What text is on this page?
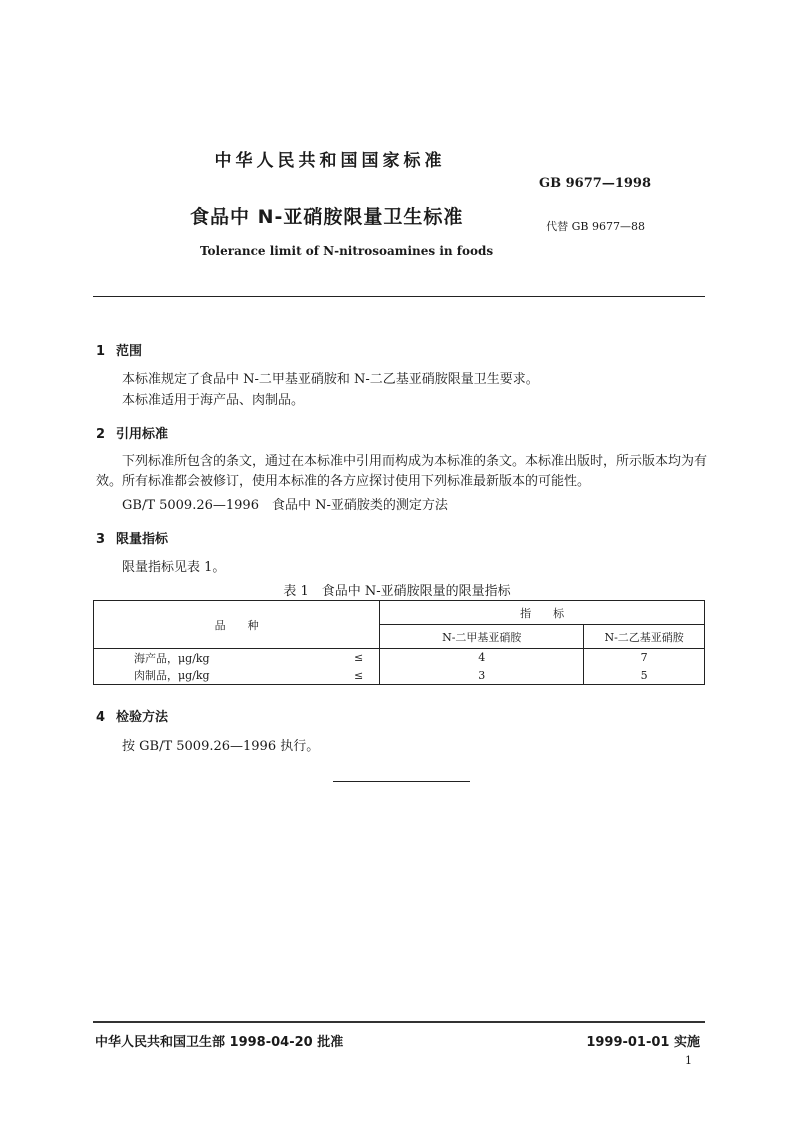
中华人民共和国国家标准
GB 9677—1998
食品中 N-亚硝胺限量卫生标准	代替 GB 9677—88
Tolerance limit of N-nitrosoamines in foods
1 范围
本标准规定了食品中 N-二甲基亚硝胺和 N-二乙基亚硝胺限量卫生要求。
本标准适用于海产品、肉制品。
2 引用标准
下列标准所包含的条文，通过在本标准中引用而构成为本标准的条文。本标准出版时，所示版本均为有效。所有标准都会被修订，使用本标准的各方应探讨使用下列标准最新版本的可能性。
GB/T 5009.26—1996　食品中 N-亚硝胺类的测定方法
3 限量指标
限量指标见表 1。
表 1　食品中 N-亚硝胺限量的限量指标
品　　种		指　　标	
		N-二甲基亚硝胺	N-二乙基亚硝胺
海产品，μg/kg	≤	4	7
肉制品，μg/kg	≤	3	5
4 检验方法
按 GB/T 5009.26—1996 执行。
中华人民共和国卫生部 1998-04-20 批准	1999-01-01 实施
1
